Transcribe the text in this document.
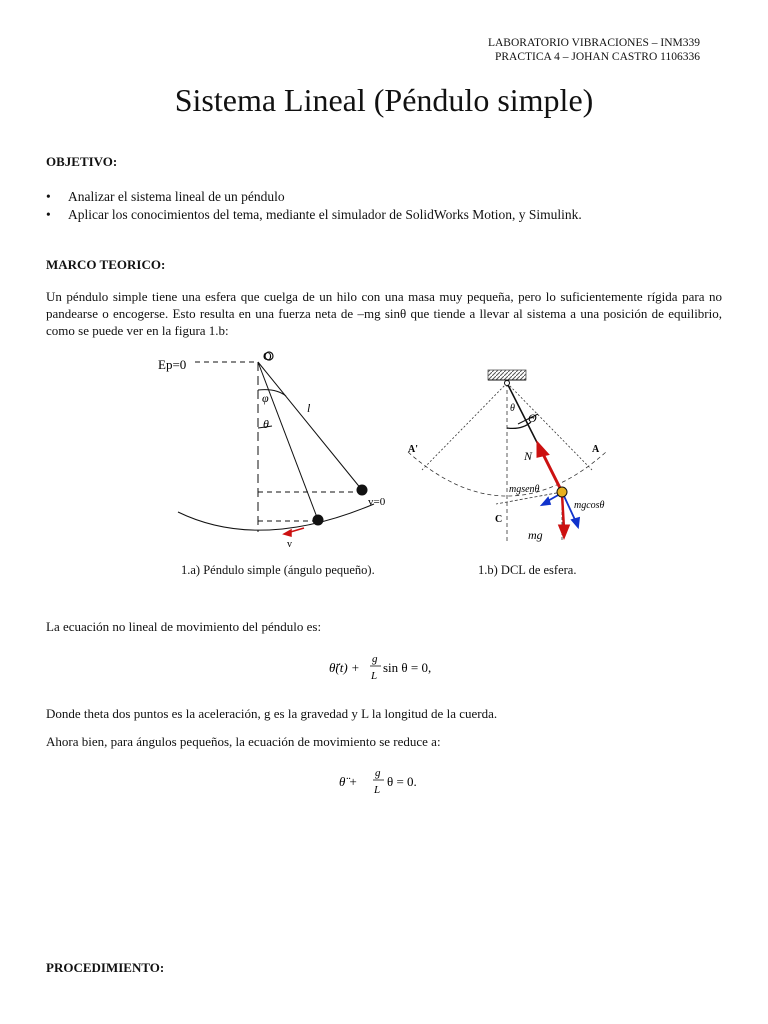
LABORATORIO VIBRACIONES – INM339
PRACTICA 4 – JOHAN CASTRO 1106336
Sistema Lineal (Péndulo simple)
OBJETIVO:
• Analizar el sistema lineal de un péndulo
• Aplicar los conocimientos del tema, mediante el simulador de SolidWorks Motion, y Simulink.
MARCO TEORICO:
Un péndulo simple tiene una esfera que cuelga de un hilo con una masa muy pequeña, pero lo suficientemente rígida para no pandearse o encogerse. Esto resulta en una fuerza neta de –mg sinθ que tiende a llevar al sistema a una posición de equilibrio, como se puede ver en la figura 1.b:
Ep=0
O
φ
θ
l
v=0
v
θ
Θ
N
A'	A
C
mgsenθ
mgcosθ
mg
1.a) Péndulo simple (ángulo pequeño).	1.b) DCL de esfera.
La ecuación no lineal de movimiento del péndulo es:
θ̈(t) +
g
L
sin θ = 0,
Donde theta dos puntos es la aceleración, g es la gravedad y L la longitud de la cuerda.
Ahora bien, para ángulos pequeños, la ecuación de movimiento se reduce a:
θ̈ +
g
L
θ = 0.
PROCEDIMIENTO:
